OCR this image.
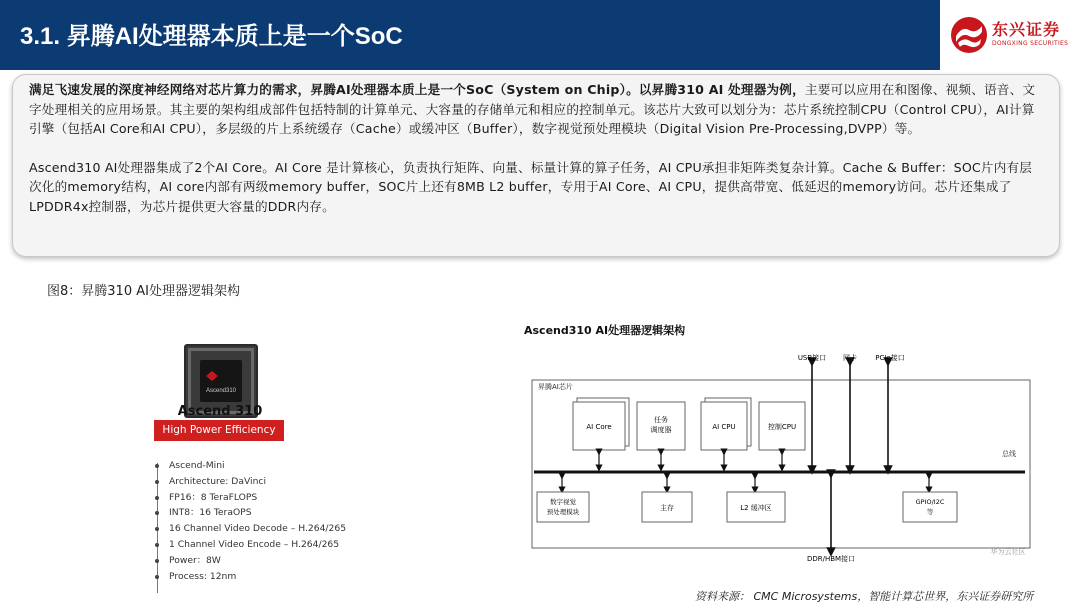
3.1. 昇腾AI处理器本质上是一个SoC	东兴证券
DONGXING SECURITIES

满足飞速发展的深度神经网络对芯片算力的需求，昇腾AI处理器本质上是一个SoC（System on Chip）。以昇腾310 AI 处理器为例，主要可以应用在和图像、视频、语音、文字处理相关的应用场景。其主要的架构组成部件包括特制的计算单元、大容量的存储单元和相应的控制单元。该芯片大致可以划分为：芯片系统控制CPU（Control CPU），AI计算引擎（包括AI Core和AI CPU），多层级的片上系统缓存（Cache）或缓冲区（Buffer），数字视觉预处理模块（Digital Vision Pre-Processing,DVPP）等。

Ascend310 AI处理器集成了2个AI Core。AI Core 是计算核心，负责执行矩阵、向量、标量计算的算子任务，AI CPU承担非矩阵类复杂计算。Cache & Buffer：SOC片内有层次化的memory结构，AI core内部有两级memory buffer，SOC片上还有8MB L2 buffer，专用于AI Core、AI CPU，提供高带宽、低延迟的memory访问。芯片还集成了LPDDR4x控制器，为芯片提供更大容量的DDR内存。

图8：昇腾310 AI处理器逻辑架构
Ascend310
Ascend 310
High Power Efficiency
Ascend-Mini
Architecture: DaVinci
FP16：8 TeraFLOPS
INT8：16 TeraOPS
16 Channel Video Decode – H.264/265
1 Channel Video Encode – H.264/265
Power：8W
Process: 12nm
Ascend310 AI处理器逻辑架构
昇腾AI芯片
AI Core
任务
调度器	AI CPU	控制CPU
总线
USB接口 网卡	PCIe接口
DDR/HBM接口
数字视觉
预处理模块	主存	L2 缓冲区
GPIO/I2C
等
华为云社区
资料来源： CMC Microsystems，智能计算芯世界，东兴证券研究所
